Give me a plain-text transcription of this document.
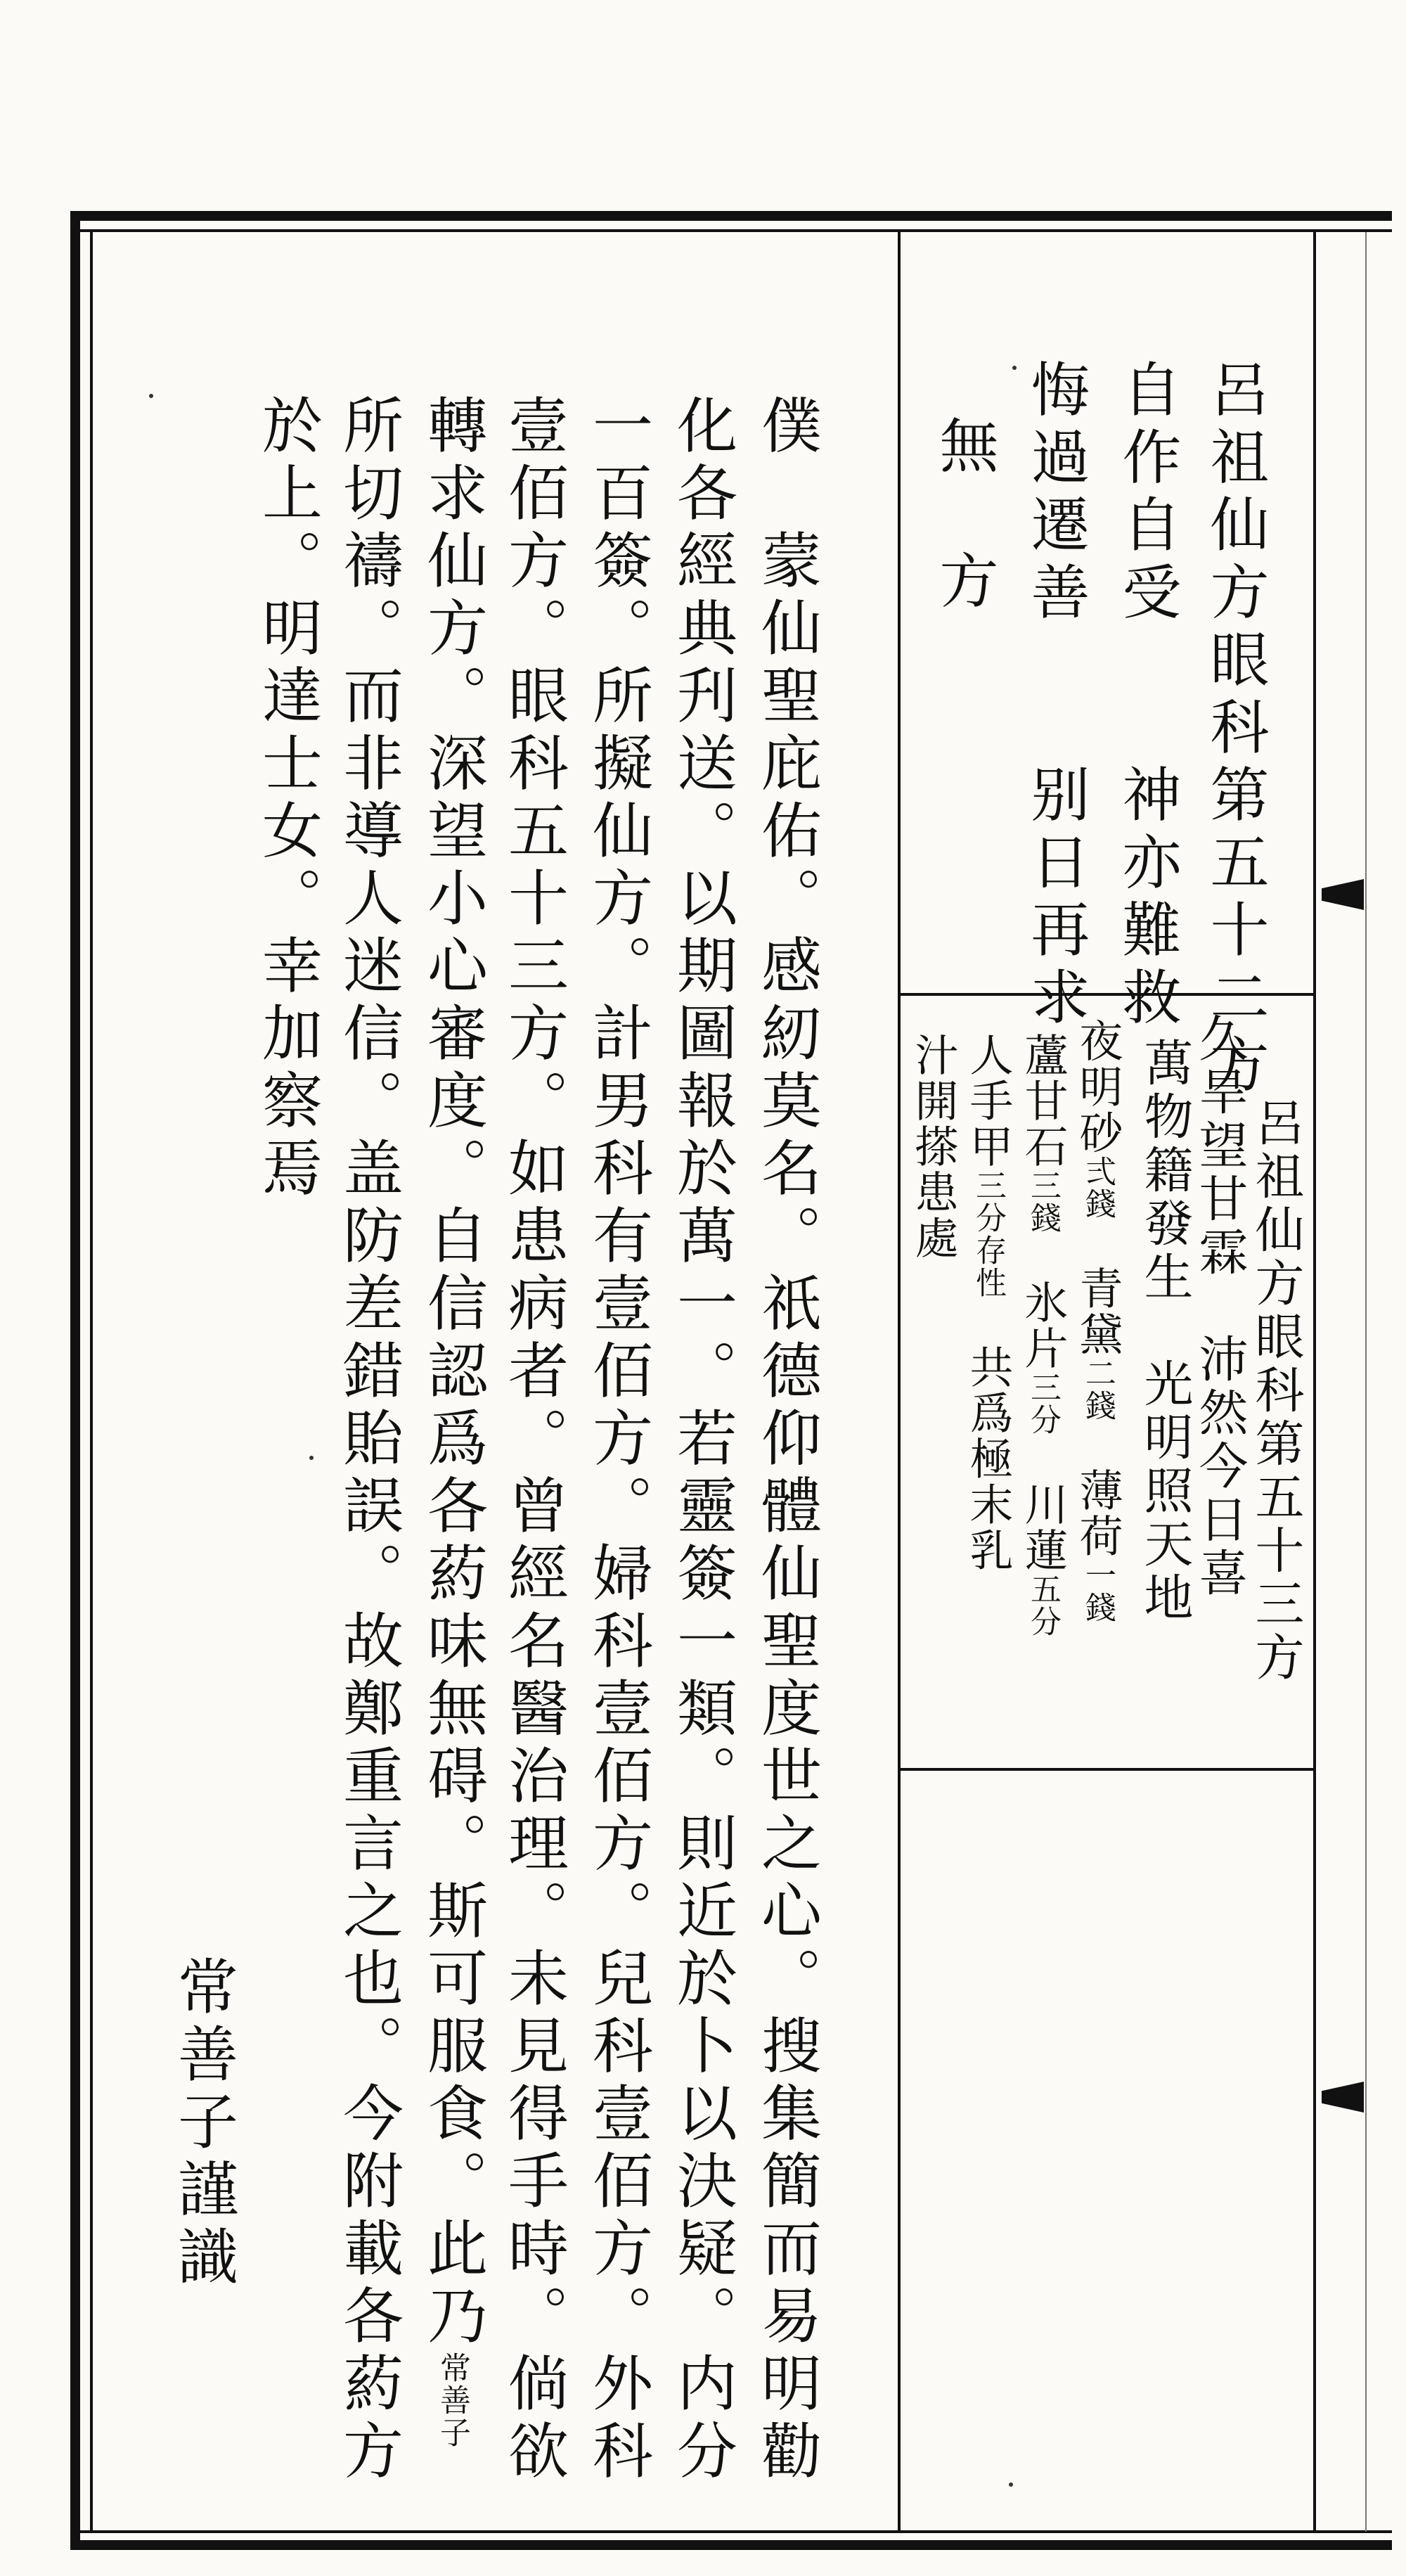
呂祖仙方眼科第五十二方
自作自受　　神亦難救
悔過遷善　　别日再求
無　方
呂祖仙方眼科第五十三方
久旱望甘霖　沛然今日喜
萬物籍發生　光明照天地
夜明砂弍錢　青黛二錢　薄荷一錢
蘆甘石三錢　氷片三分　川蓮五分
人手甲三分存性　共爲極末乳
汁開搽患處
僕　蒙仙聖庇佑。感紉莫名。祇德仰體仙聖度世之心。搜集簡而易明勸
化各經典刋送。以期圖報於萬一。若靈簽一類。則近於卜以決疑。内分
一百簽。所擬仙方。計男科有壹佰方。婦科壹佰方。兒科壹佰方。外科
壹佰方。眼科五十三方。如患病者。曾經名醫治理。未見得手時。倘欲
轉求仙方。深望小心審度。自信認爲各葯味無碍。斯可服食。此乃常善子
所切禱。而非導人迷信。盖防差錯貽誤。故鄭重言之也。今附載各葯方
於上。明達士女。幸加察焉
常善子謹識
